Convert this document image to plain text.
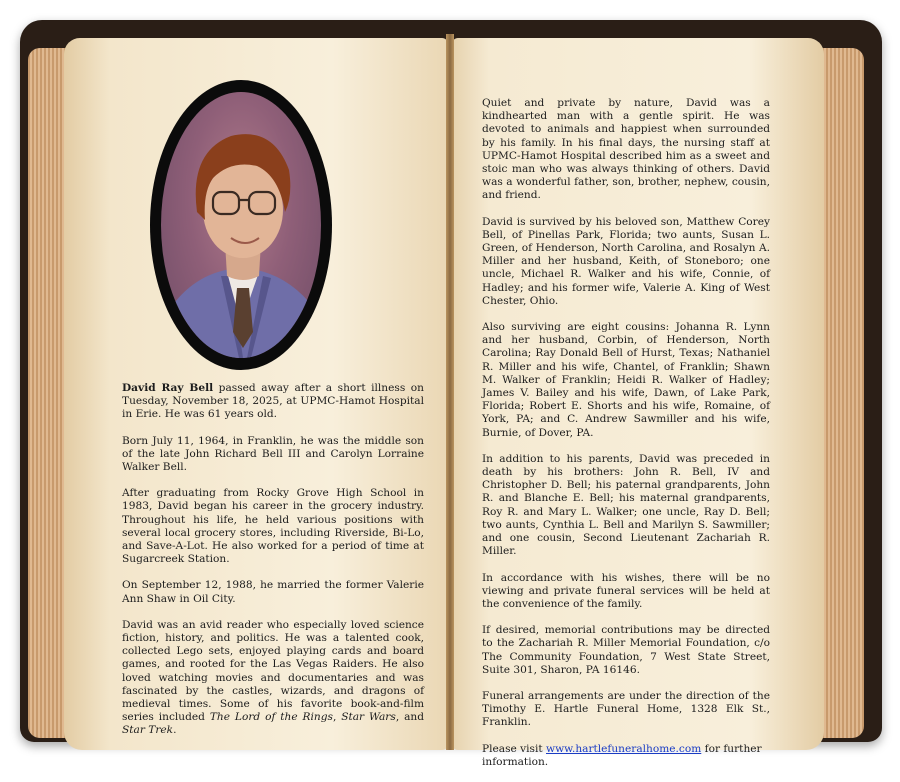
David Ray Bell passed away after a short illness on Tuesday, November 18, 2025, at UPMC-Hamot Hospital in Erie. He was 61 years old.

Born July 11, 1964, in Franklin, he was the middle son of the late John Richard Bell III and Carolyn Lorraine Walker Bell.

After graduating from Rocky Grove High School in 1983, David began his career in the grocery industry. Throughout his life, he held various positions with several local grocery stores, including Riverside, Bi-Lo, and Save-A-Lot. He also worked for a period of time at Sugarcreek Station.

On September 12, 1988, he married the former Valerie Ann Shaw in Oil City.

David was an avid reader who especially loved science fiction, history, and politics. He was a talented cook, collected Lego sets, enjoyed playing cards and board games, and rooted for the Las Vegas Raiders. He also loved watching movies and documentaries and was fascinated by the castles, wizards, and dragons of medieval times. Some of his favorite book-and-film series included The Lord of the Rings, Star Wars, and Star Trek.

Quiet and private by nature, David was a kindhearted man with a gentle spirit. He was devoted to animals and happiest when surrounded by his family. In his final days, the nursing staff at UPMC-Hamot Hospital described him as a sweet and stoic man who was always thinking of others. David was a wonderful father, son, brother, nephew, cousin, and friend.

David is survived by his beloved son, Matthew Corey Bell, of Pinellas Park, Florida; two aunts, Susan L. Green, of Henderson, North Carolina, and Rosalyn A. Miller and her husband, Keith, of Stoneboro; one uncle, Michael R. Walker and his wife, Connie, of Hadley; and his former wife, Valerie A. King of West Chester, Ohio.

Also surviving are eight cousins: Johanna R. Lynn and her husband, Corbin, of Henderson, North Carolina; Ray Donald Bell of Hurst, Texas; Nathaniel R. Miller and his wife, Chantel, of Franklin; Shawn M. Walker of Franklin; Heidi R. Walker of Hadley; James V. Bailey and his wife, Dawn, of Lake Park, Florida; Robert E. Shorts and his wife, Romaine, of York, PA; and C. Andrew Sawmiller and his wife, Burnie, of Dover, PA.

In addition to his parents, David was preceded in death by his brothers: John R. Bell, IV and Christopher D. Bell; his paternal grandparents, John R. and Blanche E. Bell; his maternal grandparents, Roy R. and Mary L. Walker; one uncle, Ray D. Bell; two aunts, Cynthia L. Bell and Marilyn S. Sawmiller; and one cousin, Second Lieutenant Zachariah R. Miller.

In accordance with his wishes, there will be no viewing and private funeral services will be held at the convenience of the family.

If desired, memorial contributions may be directed to the Zachariah R. Miller Memorial Foundation, c/o The Community Foundation, 7 West State Street, Suite 301, Sharon, PA 16146.

Funeral arrangements are under the direction of the Timothy E. Hartle Funeral Home, 1328 Elk St., Franklin.

Please visit www.hartlefuneralhome.com for further information.
